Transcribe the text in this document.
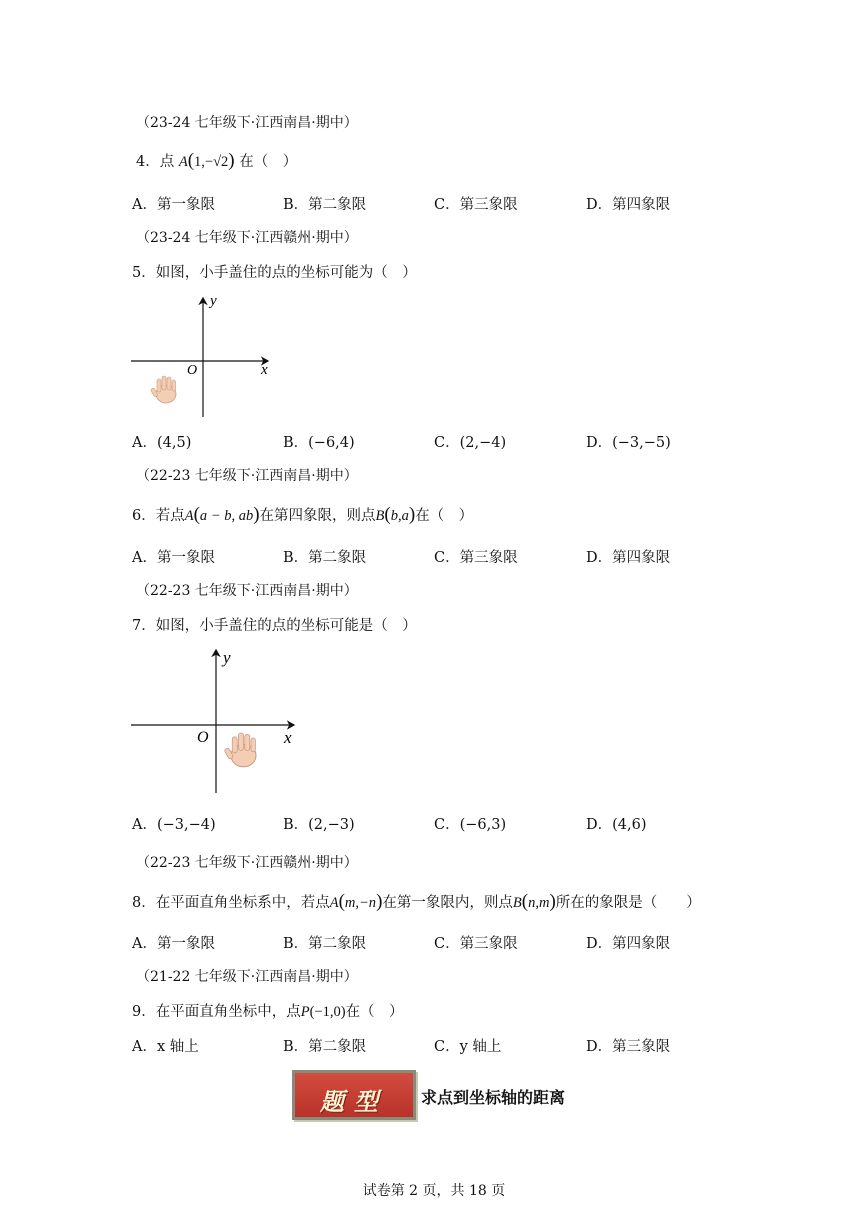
（23-24 七年级下·江西南昌·期中）
4．点 A(1,−√2) 在（　）
A．第一象限	B．第二象限	C．第三象限	D．第四象限
（23-24 七年级下·江西赣州·期中）
5．如图，小手盖住的点的坐标可能为（　）
y
x
O
A．(4,5)	B．(−6,4)	C．(2,−4)	D．(−3,−5)
（22-23 七年级下·江西南昌·期中）
6．若点A(a − b, ab)在第四象限，则点B(b,a)在（　）
A．第一象限	B．第二象限	C．第三象限	D．第四象限
（22-23 七年级下·江西南昌·期中）
7．如图，小手盖住的点的坐标可能是（　）
y
x
O
A．(−3,−4)	B．(2,−3)	C．(−6,3)	D．(4,6)
（22-23 七年级下·江西赣州·期中）
8．在平面直角坐标系中，若点A(m,−n)在第一象限内，则点B(n,m)所在的象限是（　　）
A．第一象限	B．第二象限	C．第三象限	D．第四象限
（21-22 七年级下·江西南昌·期中）
9．在平面直角坐标中，点P(−1,0)在（　）
A．x 轴上	B．第二象限	C．y 轴上	D．第三象限
题型	求点到坐标轴的距离
试卷第 2 页，共 18 页
